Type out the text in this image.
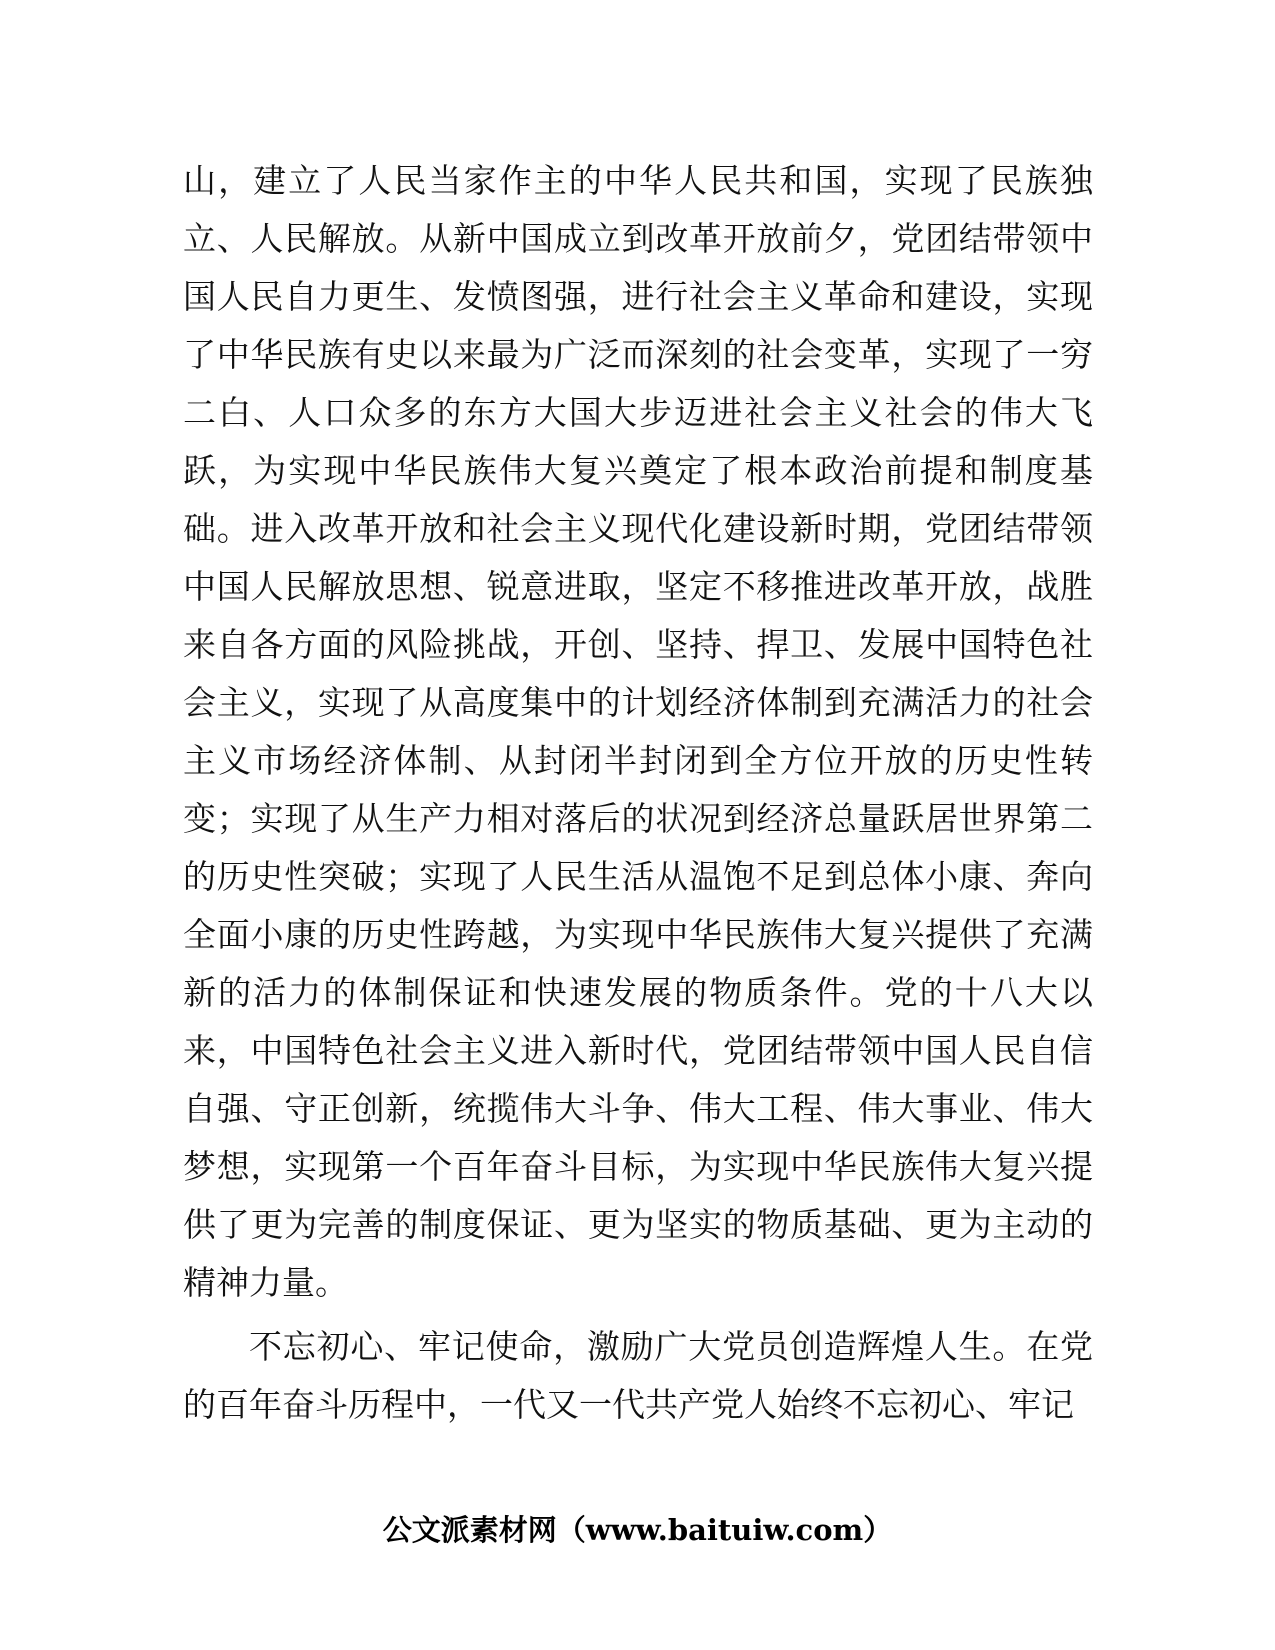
山，建立了人民当家作主的中华人民共和国，实现了民族独立、人民解放。从新中国成立到改革开放前夕，党团结带领中国人民自力更生、发愤图强，进行社会主义革命和建设，实现了中华民族有史以来最为广泛而深刻的社会变革，实现了一穷二白、人口众多的东方大国大步迈进社会主义社会的伟大飞跃，为实现中华民族伟大复兴奠定了根本政治前提和制度基础。进入改革开放和社会主义现代化建设新时期，党团结带领中国人民解放思想、锐意进取，坚定不移推进改革开放，战胜来自各方面的风险挑战，开创、坚持、捍卫、发展中国特色社会主义，实现了从高度集中的计划经济体制到充满活力的社会主义市场经济体制、从封闭半封闭到全方位开放的历史性转变；实现了从生产力相对落后的状况到经济总量跃居世界第二的历史性突破；实现了人民生活从温饱不足到总体小康、奔向全面小康的历史性跨越，为实现中华民族伟大复兴提供了充满新的活力的体制保证和快速发展的物质条件。党的十八大以来，中国特色社会主义进入新时代，党团结带领中国人民自信自强、守正创新，统揽伟大斗争、伟大工程、伟大事业、伟大梦想，实现第一个百年奋斗目标，为实现中华民族伟大复兴提供了更为完善的制度保证、更为坚实的物质基础、更为主动的精神力量。

不忘初心、牢记使命，激励广大党员创造辉煌人生。在党的百年奋斗历程中，一代又一代共产党人始终不忘初心、牢记

公文派素材网（www.baituiw.com）
